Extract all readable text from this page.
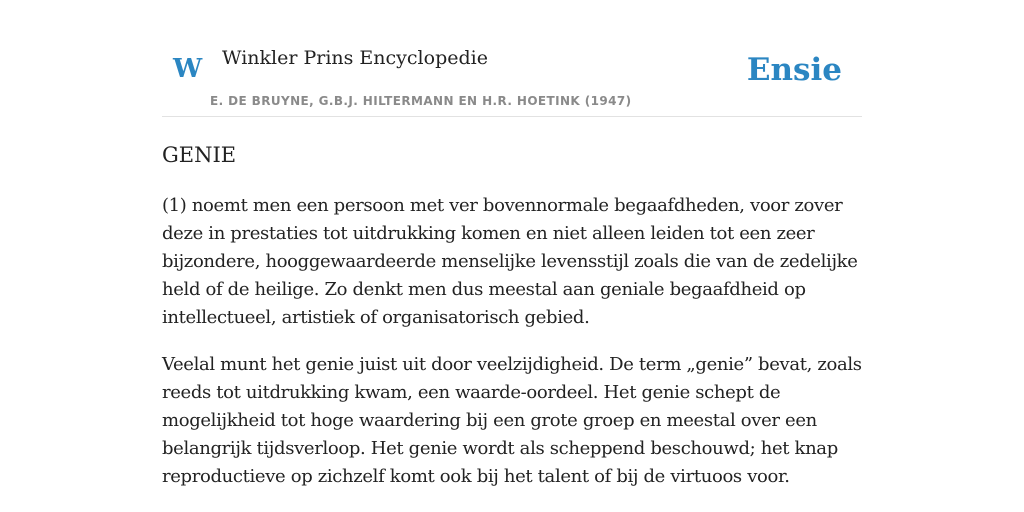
W Winkler Prins Encyclopedie
E. DE BRUYNE, G.B.J. HILTERMANN EN H.R. HOETINK (1947)
Ensie
GENIE

(1) noemt men een persoon met ver bovennormale begaafdheden, voor zover deze in prestaties tot uitdrukking komen en niet alleen leiden tot een zeer bijzondere, hooggewaardeerde menselijke levensstijl zoals die van de zedelijke held of de heilige. Zo denkt men dus meestal aan geniale begaafdheid op intellectueel, artistiek of organisatorisch gebied.

Veelal munt het genie juist uit door veelzijdigheid. De term „genie” bevat, zoals reeds tot uitdrukking kwam, een waarde-oordeel. Het genie schept de mogelijkheid tot hoge waardering bij een grote groep en meestal over een belangrijk tijdsverloop. Het genie wordt als scheppend beschouwd; het knap reproductieve op zichzelf komt ook bij het talent of bij de virtuoos voor.
